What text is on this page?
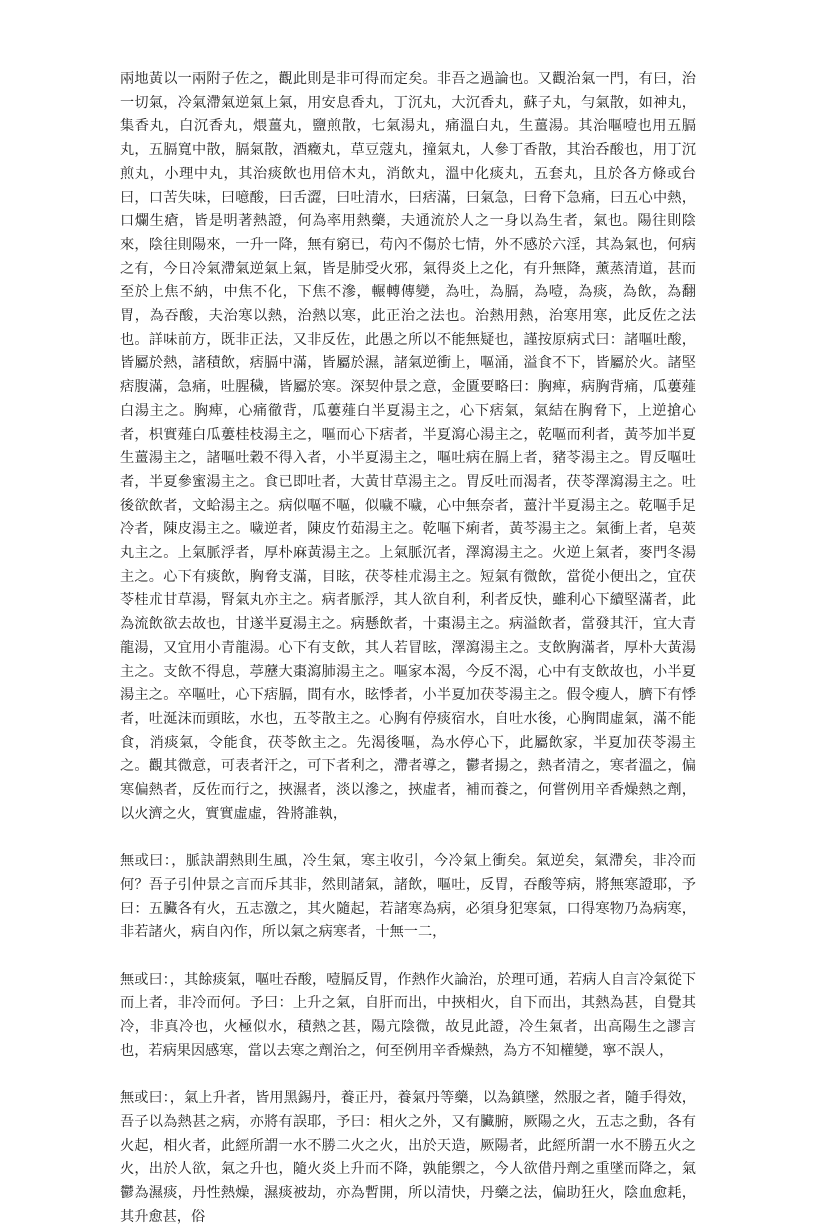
兩地黃以一兩附子佐之，觀此則是非可得而定矣。非吾之過論也。又觀治氣一門，有曰，治一切氣，冷氣滯氣逆氣上氣，用安息香丸，丁沉丸，大沉香丸，蘇子丸，勻氣散，如神丸，集香丸，白沉香丸，煨薑丸，鹽煎散，七氣湯丸，痛溫白丸，生薑湯。其治嘔噎也用五膈丸，五膈寬中散，膈氣散，酒癥丸，草豆蔻丸，撞氣丸，人參丁香散，其治呑酸也，用丁沉煎丸，小理中丸，其治痰飲也用倍木丸，消飲丸，溫中化痰丸，五套丸，且於各方條或台曰，口苦失味，曰噫酸，曰舌澀，曰吐清水，曰痞滿，曰氣急，曰脅下急痛，曰五心中熱，口爛生瘡，皆是明著熱證，何為率用熱藥，夫通流於人之一身以為生者，氣也。陽往則陰來，陰往則陽來，一升一降，無有窮已，苟內不傷於七情，外不感於六淫，其為氣也，何病之有，今日冷氣滯氣逆氣上氣，皆是肺受火邪，氣得炎上之化，有升無降，薰蒸清道，甚而至於上焦不納，中焦不化，下焦不滲，輾轉傳變，為吐，為膈，為噎，為痰，為飲，為翻胃，為吞酸，夫治寒以熱，治熱以寒，此正治之法也。治熱用熱，治寒用寒，此反佐之法也。詳味前方，既非正法，又非反佐，此愚之所以不能無疑也，謹按原病式曰：諸嘔吐酸，皆屬於熱，諸積飲，痞膈中滿，皆屬於濕，諸氣逆衝上，嘔涌，溢食不下，皆屬於火。諸堅痞腹滿，急痛，吐腥穢，皆屬於寒。深契仲景之意，金匱要略曰：胸痺，病胸背痛，瓜蔞薤白湯主之。胸痺，心痛徹背，瓜蔞薤白半夏湯主之，心下痞氣，氣結在胸脅下，上逆搶心者，枳實薤白瓜蔞桂枝湯主之，嘔而心下痞者，半夏瀉心湯主之，乾嘔而利者，黃芩加半夏生薑湯主之，諸嘔吐穀不得入者，小半夏湯主之，嘔吐病在膈上者，豬苓湯主之。胃反嘔吐者，半夏參蜜湯主之。食已即吐者，大黃甘草湯主之。胃反吐而渴者，茯苓澤瀉湯主之。吐後欲飲者，文蛤湯主之。病似嘔不嘔，似噦不噦，心中無奈者，薑汁半夏湯主之。乾嘔手足冷者，陳皮湯主之。噦逆者，陳皮竹茹湯主之。乾嘔下痢者，黃芩湯主之。氣衝上者，皂莢丸主之。上氣脈浮者，厚朴麻黃湯主之。上氣脈沉者，澤瀉湯主之。火逆上氣者，麥門冬湯主之。心下有痰飲，胸脅支滿，目眩，茯苓桂朮湯主之。短氣有微飲，當從小便出之，宜茯苓桂朮甘草湯，腎氣丸亦主之。病者脈浮，其人欲自利，利者反快，雖利心下續堅滿者，此為流飲欲去故也，甘遂半夏湯主之。病懸飲者，十棗湯主之。病溢飲者，當發其汗，宜大青龍湯，又宜用小青龍湯。心下有支飲，其人若冒眩，澤瀉湯主之。支飲胸滿者，厚朴大黃湯主之。支飲不得息，葶藶大棗瀉肺湯主之。嘔家本渴，今反不渴，心中有支飲故也，小半夏湯主之。卒嘔吐，心下痞膈，間有水，眩悸者，小半夏加茯苓湯主之。假令瘦人，臍下有悸者，吐涎沫而頭眩，水也，五苓散主之。心胸有停痰宿水，自吐水後，心胸間虛氣，滿不能食，消痰氣，令能食，茯苓飲主之。先渴後嘔，為水停心下，此屬飲家，半夏加茯苓湯主之。觀其微意，可表者汗之，可下者利之，滯者導之，鬱者揚之，熱者清之，寒者溫之，偏寒偏熱者，反佐而行之，挾濕者，淡以滲之，挾虛者，補而養之，何嘗例用辛香燥熱之劑，以火濟之火，實實虛虛，咎將誰執，

無或曰：，脈訣謂熱則生風，冷生氣，寒主收引，今冷氣上衝矣。氣逆矣，氣滯矣，非冷而何？吾子引仲景之言而斥其非，然則諸氣，諸飲，嘔吐，反胃，吞酸等病，將無寒證耶，予曰：五臟各有火，五志激之，其火隨起，若諸寒為病，必須身犯寒氣，口得寒物乃為病寒，非若諸火，病自內作，所以氣之病寒者，十無一二，

無或曰：，其餘痰氣，嘔吐吞酸，噎膈反胃，作熱作火論治，於理可通，若病人自言冷氣從下而上者，非冷而何。予曰：上升之氣，自肝而出，中挾相火，自下而出，其熱為甚，自覺其冷，非真冷也，火極似水，積熱之甚，陽亢陰微，故見此證，冷生氣者，出高陽生之謬言也，若病果因感寒，當以去寒之劑治之，何至例用辛香燥熱，為方不知權變，寧不誤人，

無或曰：，氣上升者，皆用黑錫丹，養正丹，養氣丹等藥，以為鎮墜，然服之者，隨手得效，吾子以為熱甚之病，亦將有誤耶，予曰：相火之外，又有臟腑，厥陽之火，五志之動，各有火起，相火者，此經所謂一水不勝二火之火，出於天造，厥陽者，此經所謂一水不勝五火之火，出於人欲，氣之升也，隨火炎上升而不降，孰能禦之，今人欲借丹劑之重墜而降之，氣鬱為濕痰，丹性熱燥，濕痰被劫，亦為暫開，所以清快，丹藥之法，偏助狂火，陰血愈耗，其升愈甚，俗
